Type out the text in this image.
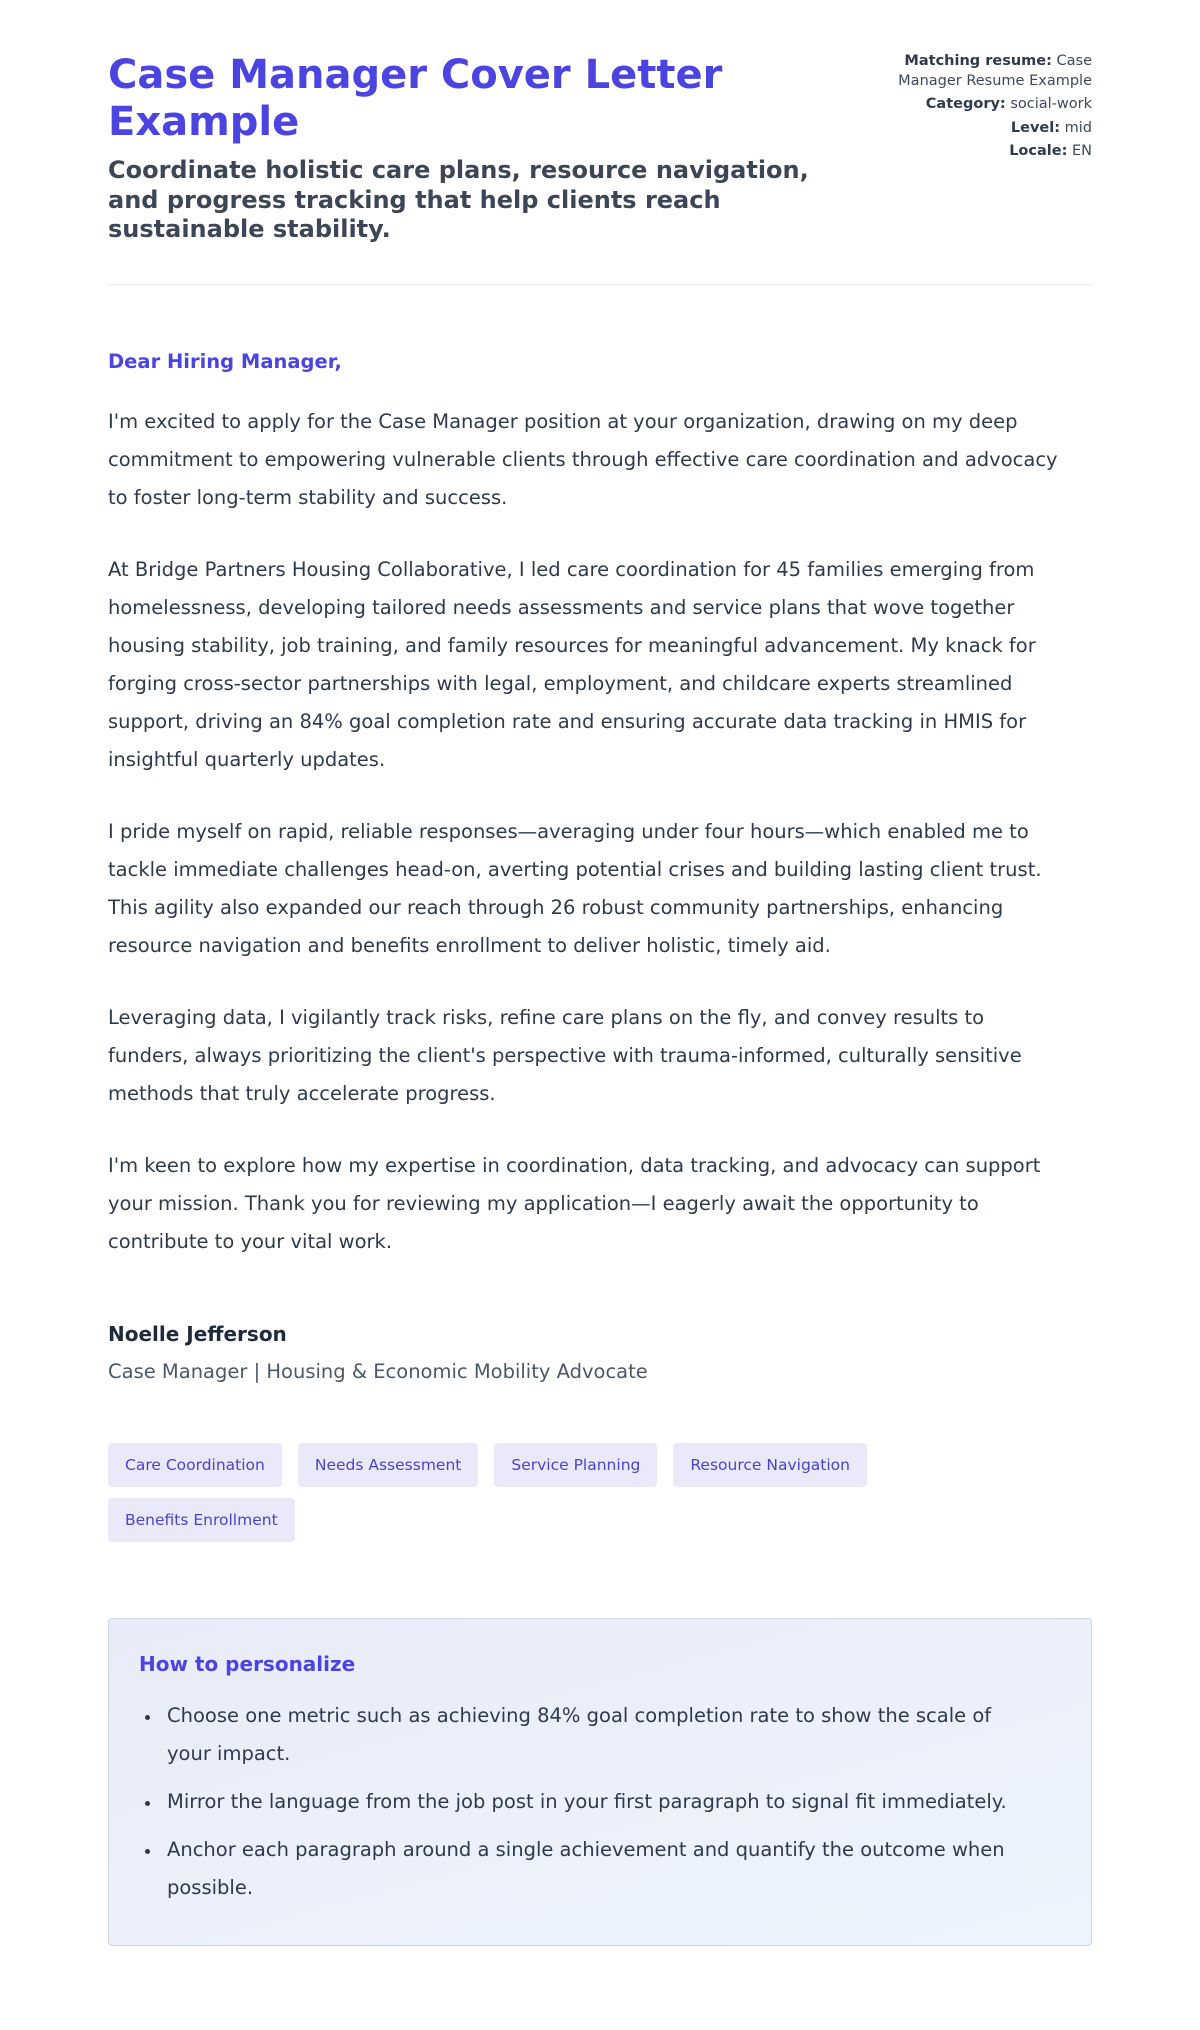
Case Manager Cover Letter Example

Coordinate holistic care plans, resource navigation, and progress tracking that help clients reach sustainable stability.

Matching resume: Case Manager Resume Example
Category: social-work
Level: mid
Locale: EN

Dear Hiring Manager,

I'm excited to apply for the Case Manager position at your organization, drawing on my deep commitment to empowering vulnerable clients through effective care coordination and advocacy to foster long-term stability and success.

At Bridge Partners Housing Collaborative, I led care coordination for 45 families emerging from homelessness, developing tailored needs assessments and service plans that wove together housing stability, job training, and family resources for meaningful advancement. My knack for forging cross-sector partnerships with legal, employment, and childcare experts streamlined support, driving an 84% goal completion rate and ensuring accurate data tracking in HMIS for insightful quarterly updates.

I pride myself on rapid, reliable responses—averaging under four hours—which enabled me to tackle immediate challenges head-on, averting potential crises and building lasting client trust. This agility also expanded our reach through 26 robust community partnerships, enhancing resource navigation and benefits enrollment to deliver holistic, timely aid.

Leveraging data, I vigilantly track risks, refine care plans on the fly, and convey results to funders, always prioritizing the client's perspective with trauma-informed, culturally sensitive methods that truly accelerate progress.

I'm keen to explore how my expertise in coordination, data tracking, and advocacy can support your mission. Thank you for reviewing my application—I eagerly await the opportunity to contribute to your vital work.

Noelle Jefferson

Case Manager | Housing & Economic Mobility Advocate

Care Coordination	Needs Assessment	Service Planning	Resource Navigation
Benefits Enrollment
How to personalize
• Choose one metric such as achieving 84% goal completion rate to show the scale of your impact.
• Mirror the language from the job post in your first paragraph to signal fit immediately.
• Anchor each paragraph around a single achievement and quantify the outcome when possible.
